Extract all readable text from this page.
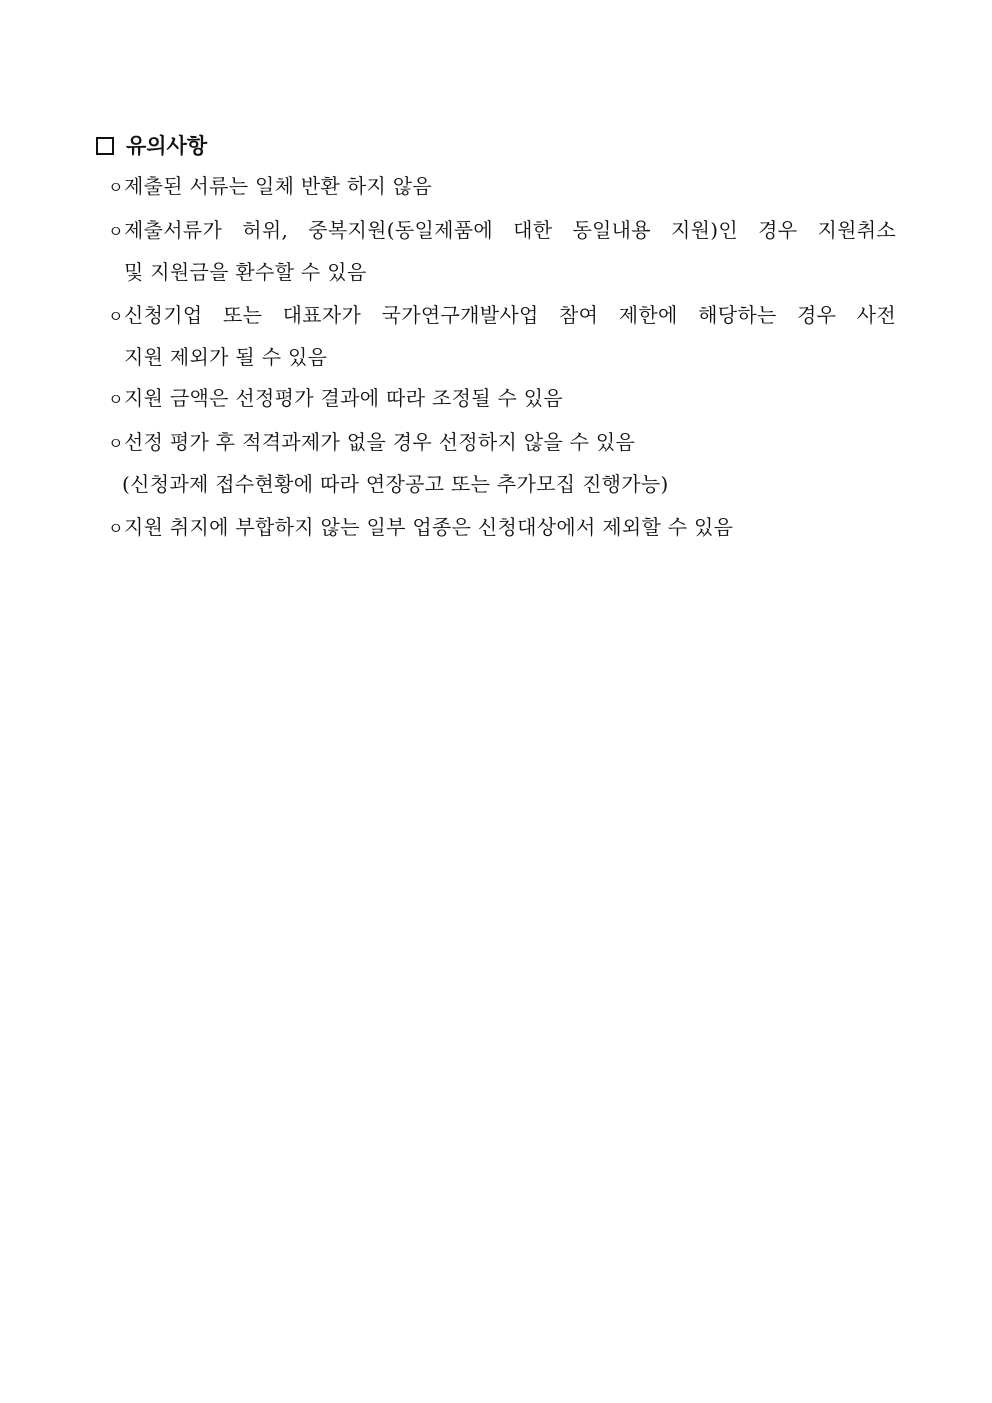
유의사항
ㅇ 제출된 서류는 일체 반환 하지 않음
ㅇ 제출서류가 허위, 중복지원(동일제품에 대한 동일내용 지원)인 경우 지원취소
및 지원금을 환수할 수 있음
ㅇ 신청기업 또는 대표자가 국가연구개발사업 참여 제한에 해당하는 경우 사전
지원 제외가 될 수 있음
ㅇ 지원 금액은 선정평가 결과에 따라 조정될 수 있음
ㅇ 선정 평가 후 적격과제가 없을 경우 선정하지 않을 수 있음
(신청과제 접수현황에 따라 연장공고 또는 추가모집 진행가능)
ㅇ 지원 취지에 부합하지 않는 일부 업종은 신청대상에서 제외할 수 있음
